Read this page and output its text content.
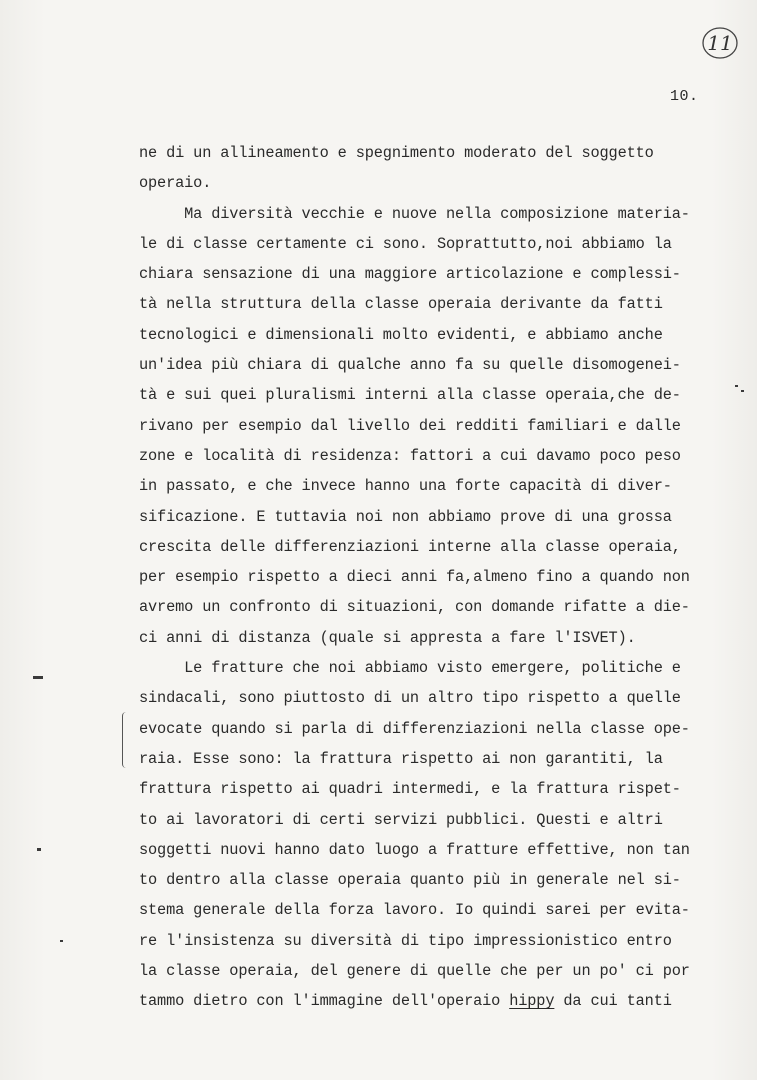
11
10.
ne di un allineamento e spegnimento moderato del soggetto
operaio.
Ma diversità vecchie e nuove nella composizione materia-
le di classe certamente ci sono. Soprattutto,noi abbiamo la
chiara sensazione di una maggiore articolazione e complessi-
tà nella struttura della classe operaia derivante da fatti
tecnologici e dimensionali molto evidenti, e abbiamo anche
un'idea più chiara di qualche anno fa su quelle disomogenei-
tà e sui quei pluralismi interni alla classe operaia,che de-
rivano per esempio dal livello dei redditi familiari e dalle
zone e località di residenza: fattori a cui davamo poco peso
in passato, e che invece hanno una forte capacità di diver-
sificazione. E tuttavia noi non abbiamo prove di una grossa
crescita delle differenziazioni interne alla classe operaia,
per esempio rispetto a dieci anni fa,almeno fino a quando non
avremo un confronto di situazioni, con domande rifatte a die-
ci anni di distanza (quale si appresta a fare l'ISVET).
Le fratture che noi abbiamo visto emergere, politiche e
sindacali, sono piuttosto di un altro tipo rispetto a quelle
evocate quando si parla di differenziazioni nella classe ope-
raia. Esse sono: la frattura rispetto ai non garantiti, la
frattura rispetto ai quadri intermedi, e la frattura rispet-
to ai lavoratori di certi servizi pubblici. Questi e altri
soggetti nuovi hanno dato luogo a fratture effettive, non tan
to dentro alla classe operaia quanto più in generale nel si-
stema generale della forza lavoro. Io quindi sarei per evita-
re l'insistenza su diversità di tipo impressionistico entro
la classe operaia, del genere di quelle che per un po' ci por
tammo dietro con l'immagine dell'operaio hippy da cui tanti
